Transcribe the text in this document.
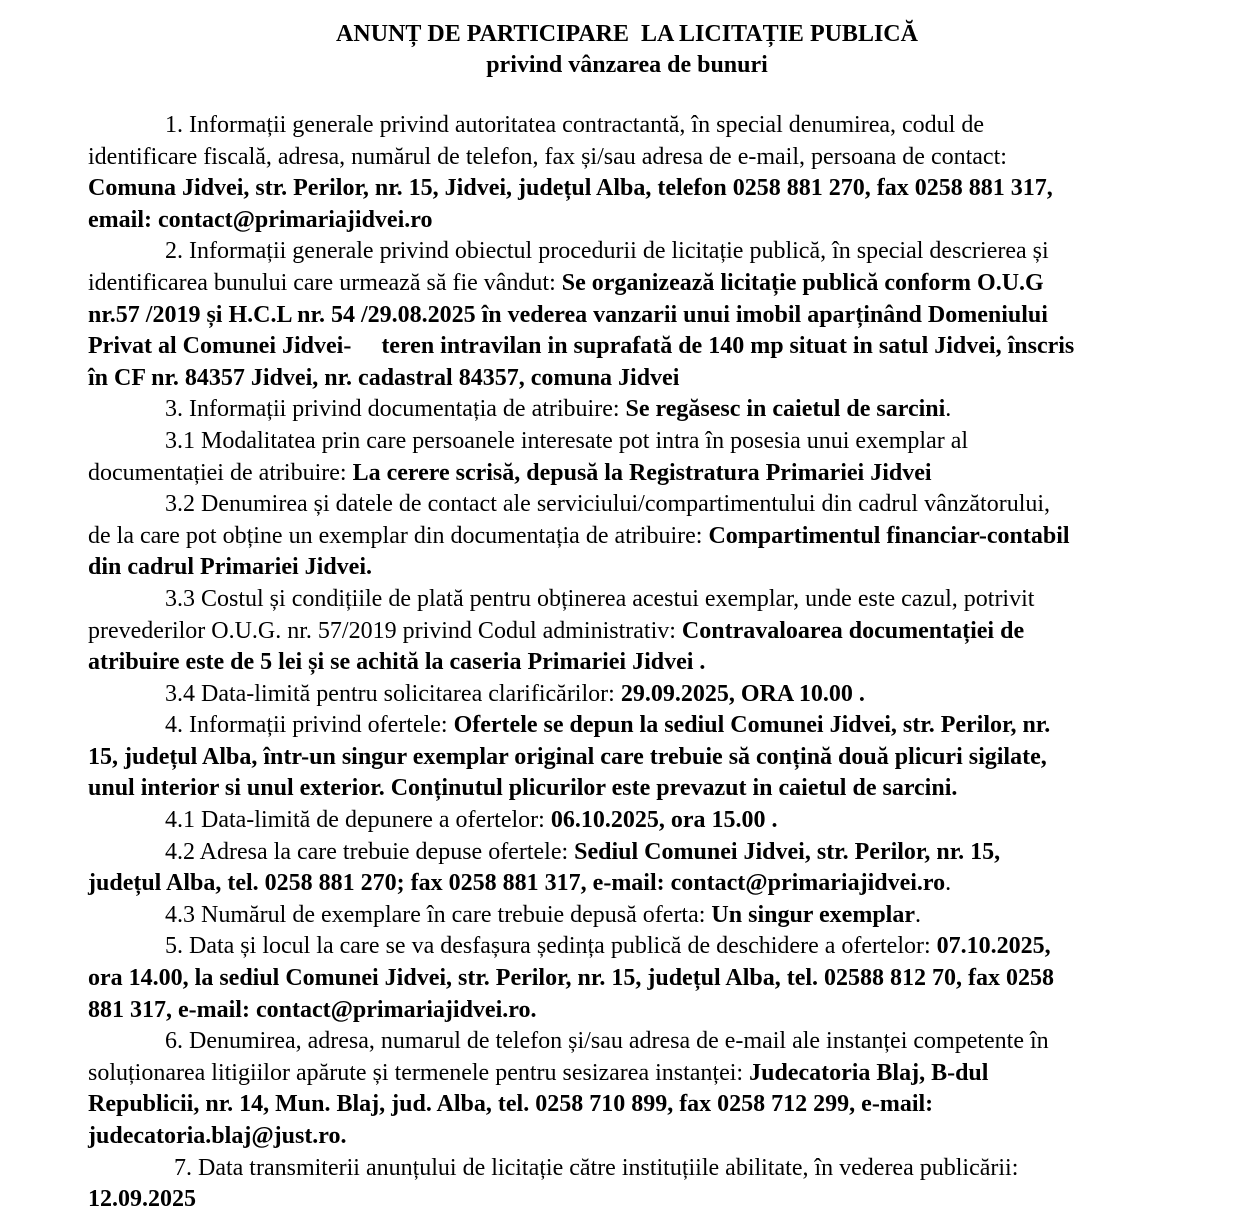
ANUNȚ DE PARTICIPARE  LA LICITAȚIE PUBLICĂ
privind vânzarea de bunuri
1. Informații generale privind autoritatea contractantă, în special denumirea, codul de
identificare fiscală, adresa, numărul de telefon, fax și/sau adresa de e-mail, persoana de contact:
Comuna Jidvei, str. Perilor, nr. 15, Jidvei, județul Alba, telefon 0258 881 270, fax 0258 881 317,
email: contact@primariajidvei.ro
2. Informații generale privind obiectul procedurii de licitație publică, în special descrierea și
identificarea bunului care urmează să fie vândut: Se organizează licitație publică conform O.U.G
nr.57 /2019 și H.C.L nr. 54 /29.08.2025 în vederea vanzarii unui imobil aparținând Domeniului
Privat al Comunei Jidvei- teren intravilan in suprafată de 140 mp situat in satul Jidvei, înscris
în CF nr. 84357 Jidvei, nr. cadastral 84357, comuna Jidvei
3. Informații privind documentația de atribuire: Se regăsesc in caietul de sarcini.
3.1 Modalitatea prin care persoanele interesate pot intra în posesia unui exemplar al
documentației de atribuire: La cerere scrisă, depusă la Registratura Primariei Jidvei
3.2 Denumirea și datele de contact ale serviciului/compartimentului din cadrul vânzătorului,
de la care pot obține un exemplar din documentația de atribuire: Compartimentul financiar-contabil
din cadrul Primariei Jidvei.
3.3 Costul și condițiile de plată pentru obținerea acestui exemplar, unde este cazul, potrivit
prevederilor O.U.G. nr. 57/2019 privind Codul administrativ: Contravaloarea documentației de
atribuire este de 5 lei și se achită la caseria Primariei Jidvei .
3.4 Data-limită pentru solicitarea clarificărilor: 29.09.2025, ORA 10.00 .
4. Informații privind ofertele: Ofertele se depun la sediul Comunei Jidvei, str. Perilor, nr.
15, județul Alba, într-un singur exemplar original care trebuie să conțină două plicuri sigilate,
unul interior si unul exterior. Conținutul plicurilor este prevazut in caietul de sarcini.
4.1 Data-limită de depunere a ofertelor: 06.10.2025, ora 15.00 .
4.2 Adresa la care trebuie depuse ofertele: Sediul Comunei Jidvei, str. Perilor, nr. 15,
județul Alba, tel. 0258 881 270; fax 0258 881 317, e-mail: contact@primariajidvei.ro.
4.3 Numărul de exemplare în care trebuie depusă oferta: Un singur exemplar.
5. Data și locul la care se va desfașura ședința publică de deschidere a ofertelor: 07.10.2025,
ora 14.00, la sediul Comunei Jidvei, str. Perilor, nr. 15, județul Alba, tel. 02588 812 70, fax 0258
881 317, e-mail: contact@primariajidvei.ro.
6. Denumirea, adresa, numarul de telefon și/sau adresa de e-mail ale instanței competente în
soluționarea litigiilor apărute și termenele pentru sesizarea instanței: Judecatoria Blaj, B-dul
Republicii, nr. 14, Mun. Blaj, jud. Alba, tel. 0258 710 899, fax 0258 712 299, e-mail:
judecatoria.blaj@just.ro.
7. Data transmiterii anunțului de licitație către instituțiile abilitate, în vederea publicării:
12.09.2025
